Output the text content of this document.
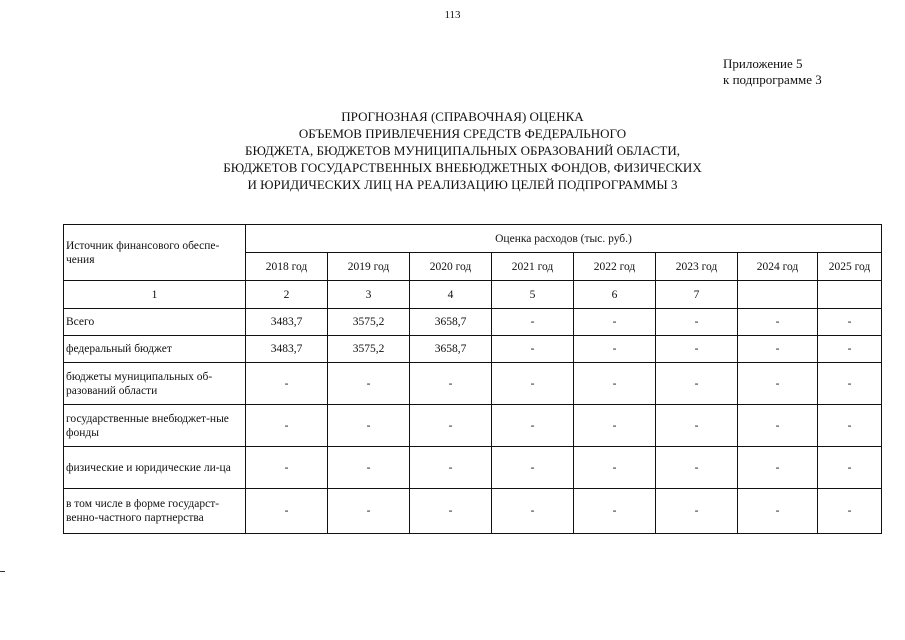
113
Приложение 5
к подпрограмме 3
ПРОГНОЗНАЯ (СПРАВОЧНАЯ) ОЦЕНКА
ОБЪЕМОВ ПРИВЛЕЧЕНИЯ СРЕДСТВ ФЕДЕРАЛЬНОГО
БЮДЖЕТА, БЮДЖЕТОВ МУНИЦИПАЛЬНЫХ ОБРАЗОВАНИЙ ОБЛАСТИ,
БЮДЖЕТОВ ГОСУДАРСТВЕННЫХ ВНЕБЮДЖЕТНЫХ ФОНДОВ, ФИЗИЧЕСКИХ
И ЮРИДИЧЕСКИХ ЛИЦ НА РЕАЛИЗАЦИЮ ЦЕЛЕЙ ПОДПРОГРАММЫ 3
Источник финансового обеспе-чения	Оценка расходов (тыс. руб.)							
	2018 год	2019 год	2020 год	2021 год	2022 год	2023 год	2024 год	2025 год
1	2	3	4	5	6	7		
Всего	3483,7	3575,2	3658,7	-	-	-	-	-
федеральный бюджет	3483,7	3575,2	3658,7	-	-	-	-	-
бюджеты муниципальных об-разований области	-	-	-	-	-	-	-	-
государственные внебюджет-ные фонды	-	-	-	-	-	-	-	-
физические и юридические ли-ца	-	-	-	-	-	-	-	-
в том числе в форме государст-венно-частного партнерства	-	-	-	-	-	-	-	-
